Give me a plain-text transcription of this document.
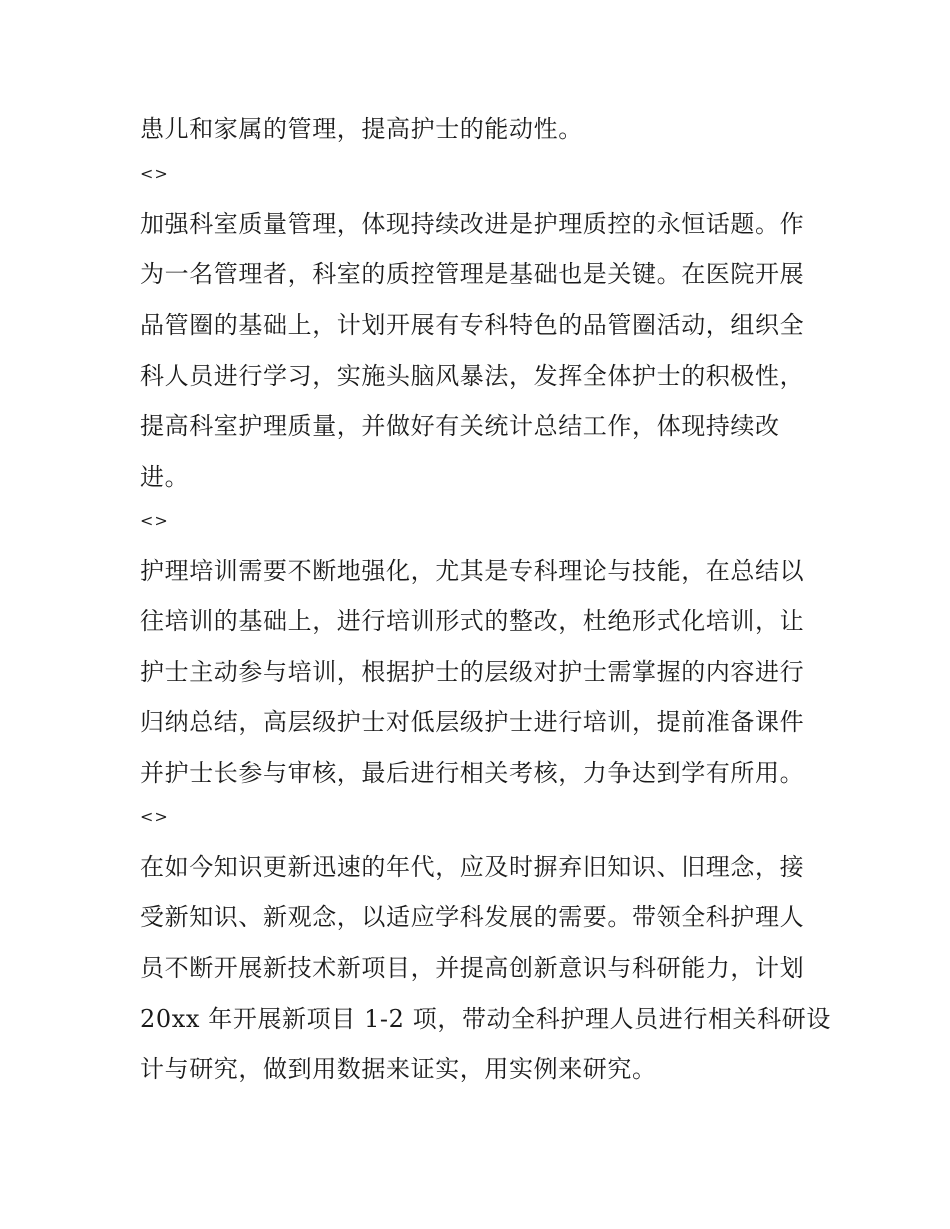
患儿和家属的管理，提高护士的能动性。
<>
加强科室质量管理，体现持续改进是护理质控的永恒话题。作
为一名管理者，科室的质控管理是基础也是关键。在医院开展
品管圈的基础上，计划开展有专科特色的品管圈活动，组织全
科人员进行学习，实施头脑风暴法，发挥全体护士的积极性，
提高科室护理质量，并做好有关统计总结工作，体现持续改
进。
<>
护理培训需要不断地强化，尤其是专科理论与技能，在总结以
往培训的基础上，进行培训形式的整改，杜绝形式化培训，让
护士主动参与培训，根据护士的层级对护士需掌握的内容进行
归纳总结，高层级护士对低层级护士进行培训，提前准备课件
并护士长参与审核，最后进行相关考核，力争达到学有所用。
<>
在如今知识更新迅速的年代，应及时摒弃旧知识、旧理念，接
受新知识、新观念，以适应学科发展的需要。带领全科护理人
员不断开展新技术新项目，并提高创新意识与科研能力，计划
20xx 年开展新项目 1-2 项，带动全科护理人员进行相关科研设
计与研究，做到用数据来证实，用实例来研究。
